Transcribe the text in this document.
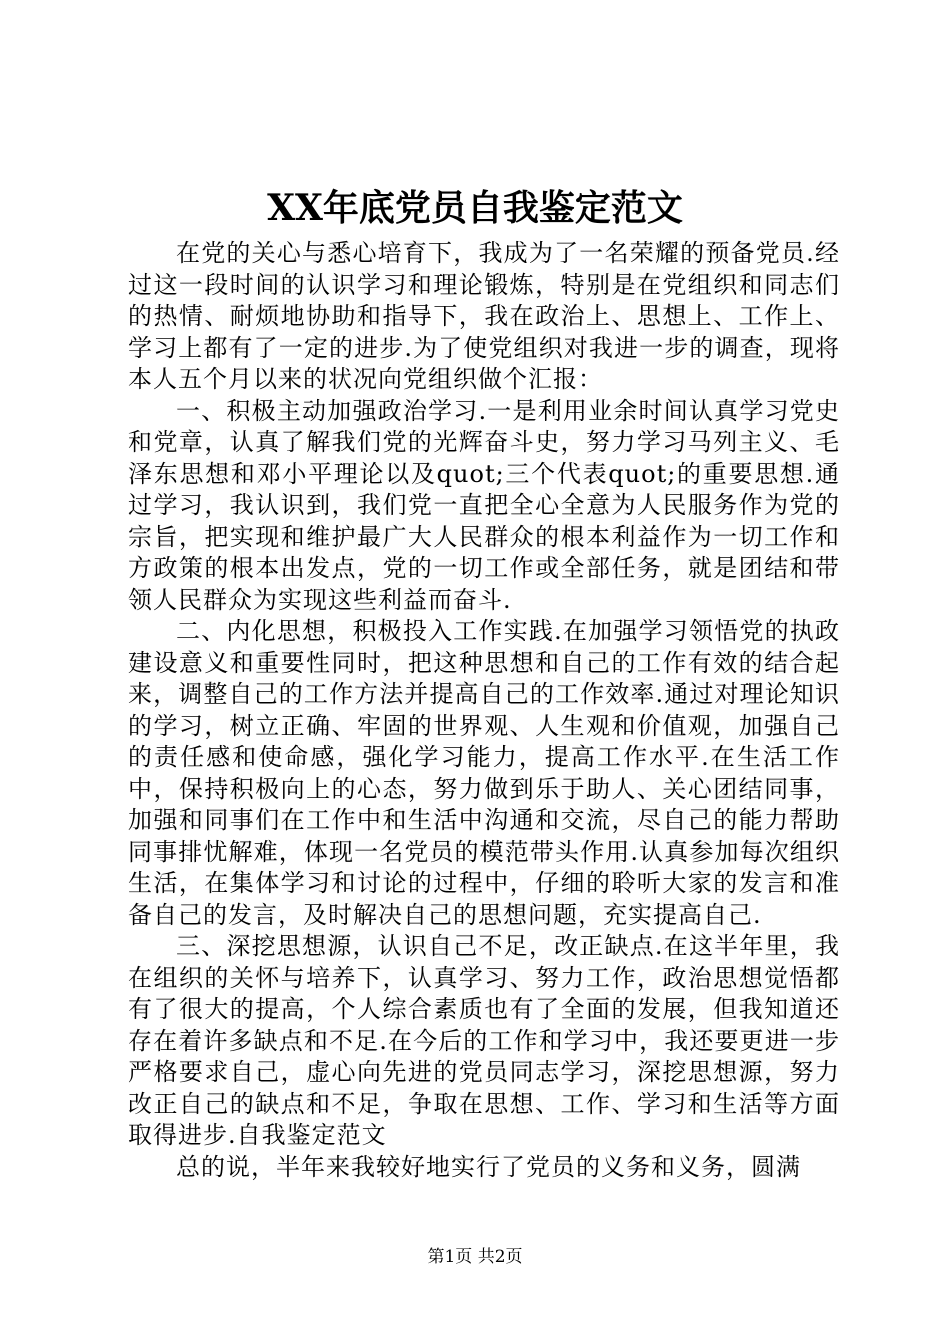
XX年底党员自我鉴定范文

在党的关心与悉心培育下，我成为了一名荣耀的预备党员.经过这一段时间的认识学习和理论锻炼，特别是在党组织和同志们的热情、耐烦地协助和指导下，我在政治上、思想上、工作上、学习上都有了一定的进步.为了使党组织对我进一步的调查，现将本人五个月以来的状况向党组织做个汇报：

一、积极主动加强政治学习.一是利用业余时间认真学习党史和党章，认真了解我们党的光辉奋斗史，努力学习马列主义、毛泽东思想和邓小平理论以及quot;三个代表quot;的重要思想.通过学习，我认识到，我们党一直把全心全意为人民服务作为党的宗旨，把实现和维护最广大人民群众的根本利益作为一切工作和方政策的根本出发点，党的一切工作或全部任务，就是团结和带领人民群众为实现这些利益而奋斗.

二、内化思想，积极投入工作实践.在加强学习领悟党的执政建设意义和重要性同时，把这种思想和自己的工作有效的结合起来，调整自己的工作方法并提高自己的工作效率.通过对理论知识的学习，树立正确、牢固的世界观、人生观和价值观，加强自己的责任感和使命感，强化学习能力，提高工作水平.在生活工作中，保持积极向上的心态，努力做到乐于助人、关心团结同事，加强和同事们在工作中和生活中沟通和交流，尽自己的能力帮助同事排忧解难，体现一名党员的模范带头作用.认真参加每次组织生活，在集体学习和讨论的过程中，仔细的聆听大家的发言和准备自己的发言，及时解决自己的思想问题，充实提高自己.

三、深挖思想源，认识自己不足，改正缺点.在这半年里，我在组织的关怀与培养下，认真学习、努力工作，政治思想觉悟都有了很大的提高，个人综合素质也有了全面的发展，但我知道还存在着许多缺点和不足.在今后的工作和学习中，我还要更进一步严格要求自己，虚心向先进的党员同志学习，深挖思想源，努力改正自己的缺点和不足，争取在思想、工作、学习和生活等方面取得进步.自我鉴定范文

总的说，半年来我较好地实行了党员的义务和义务，圆满

第1页 共2页
